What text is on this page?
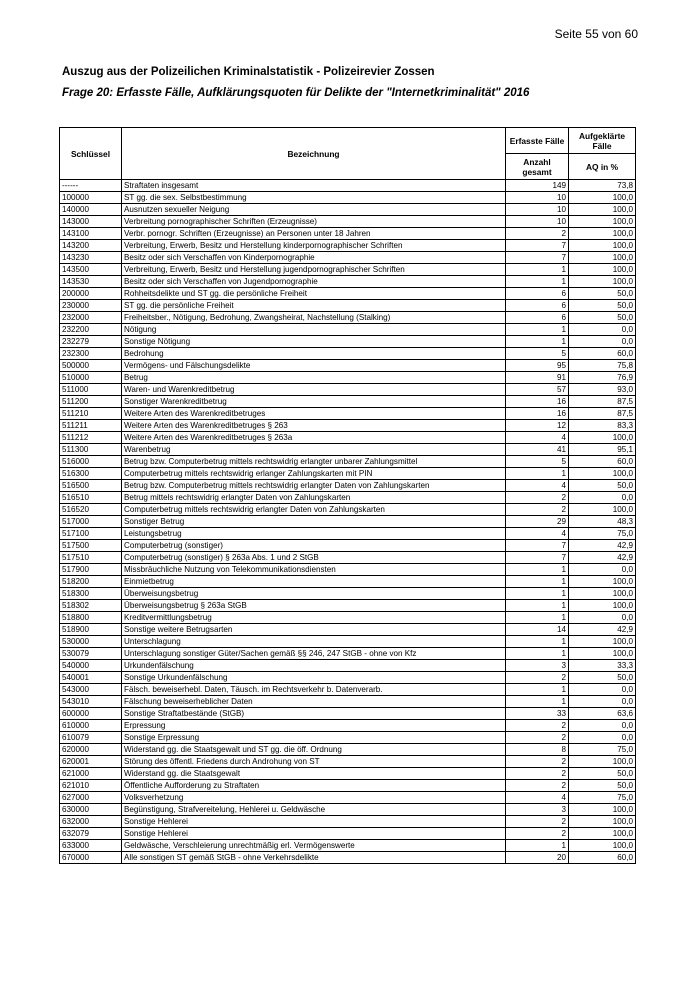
Seite 55 von 60
Auszug aus der Polizeilichen Kriminalstatistik - Polizeirevier Zossen
Frage 20: Erfasste Fälle, Aufklärungsquoten für Delikte der "Internetkriminalität" 2016
Schlüssel	Bezeichnung	Erfasste Fälle	Aufgeklärte Fälle
		Anzahl gesamt	AQ in %
------	Straftaten insgesamt	149	73,8
100000	ST gg. die sex. Selbstbestimmung	10	100,0
140000	Ausnutzen sexueller Neigung	10	100,0
143000	Verbreitung pornographischer Schriften (Erzeugnisse)	10	100,0
143100	Verbr. pornogr. Schriften (Erzeugnisse) an Personen unter 18 Jahren	2	100,0
143200	Verbreitung, Erwerb, Besitz und Herstellung kinderpornographischer Schriften	7	100,0
143230	Besitz oder sich Verschaffen von Kinderpornographie	7	100,0
143500	Verbreitung, Erwerb, Besitz und Herstellung jugendpornographischer Schriften	1	100,0
143530	Besitz oder sich Verschaffen von Jugendpornographie	1	100,0
200000	Rohheitsdelikte und ST gg. die persönliche Freiheit	6	50,0
230000	ST gg. die persönliche Freiheit	6	50,0
232000	Freiheitsber., Nötigung, Bedrohung, Zwangsheirat, Nachstellung (Stalking)	6	50,0
232200	Nötigung	1	0,0
232279	Sonstige Nötigung	1	0,0
232300	Bedrohung	5	60,0
500000	Vermögens- und Fälschungsdelikte	95	75,8
510000	Betrug	91	76,9
511000	Waren- und Warenkreditbetrug	57	93,0
511200	Sonstiger Warenkreditbetrug	16	87,5
511210	Weitere Arten des Warenkreditbetruges	16	87,5
511211	Weitere Arten des Warenkreditbetruges § 263	12	83,3
511212	Weitere Arten des Warenkreditbetruges § 263a	4	100,0
511300	Warenbetrug	41	95,1
516000	Betrug bzw. Computerbetrug mittels rechtswidrig erlangter unbarer Zahlungsmittel	5	60,0
516300	Computerbetrug mittels rechtswidrig erlanger Zahlungskarten mit PIN	1	100,0
516500	Betrug bzw. Computerbetrug mittels rechtswidrig erlangter Daten von Zahlungskarten	4	50,0
516510	Betrug mittels rechtswidrig erlangter Daten von Zahlungskarten	2	0,0
516520	Computerbetrug mittels rechtswidrig erlangter Daten von Zahlungskarten	2	100,0
517000	Sonstiger Betrug	29	48,3
517100	Leistungsbetrug	4	75,0
517500	Computerbetrug (sonstiger)	7	42,9
517510	Computerbetrug (sonstiger) § 263a Abs. 1 und 2 StGB	7	42,9
517900	Missbräuchliche Nutzung von Telekommunikationsdiensten	1	0,0
518200	Einmietbetrug	1	100,0
518300	Überweisungsbetrug	1	100,0
518302	Überweisungsbetrug § 263a StGB	1	100,0
518800	Kreditvermittlungsbetrug	1	0,0
518900	Sonstige weitere Betrugsarten	14	42,9
530000	Unterschlagung	1	100,0
530079	Unterschlagung sonstiger Güter/Sachen gemäß §§ 246, 247 StGB - ohne von Kfz	1	100,0
540000	Urkundenfälschung	3	33,3
540001	Sonstige Urkundenfälschung	2	50,0
543000	Fälsch. beweiserhebl. Daten, Täusch. im Rechtsverkehr b. Datenverarb.	1	0,0
543010	Fälschung beweiserheblicher Daten	1	0,0
600000	Sonstige Straftatbestände (StGB)	33	63,6
610000	Erpressung	2	0,0
610079	Sonstige Erpressung	2	0,0
620000	Widerstand gg. die Staatsgewalt und ST gg. die öff. Ordnung	8	75,0
620001	Störung des öffentl. Friedens durch Androhung von ST	2	100,0
621000	Widerstand gg. die Staatsgewalt	2	50,0
621010	Öffentliche Aufforderung zu Straftaten	2	50,0
627000	Volksverhetzung	4	75,0
630000	Begünstigung, Strafvereitelung, Hehlerei u. Geldwäsche	3	100,0
632000	Sonstige Hehlerei	2	100,0
632079	Sonstige Hehlerei	2	100,0
633000	Geldwäsche, Verschleierung unrechtmäßig erl. Vermögenswerte	1	100,0
670000	Alle sonstigen ST gemäß StGB - ohne Verkehrsdelikte	20	60,0
